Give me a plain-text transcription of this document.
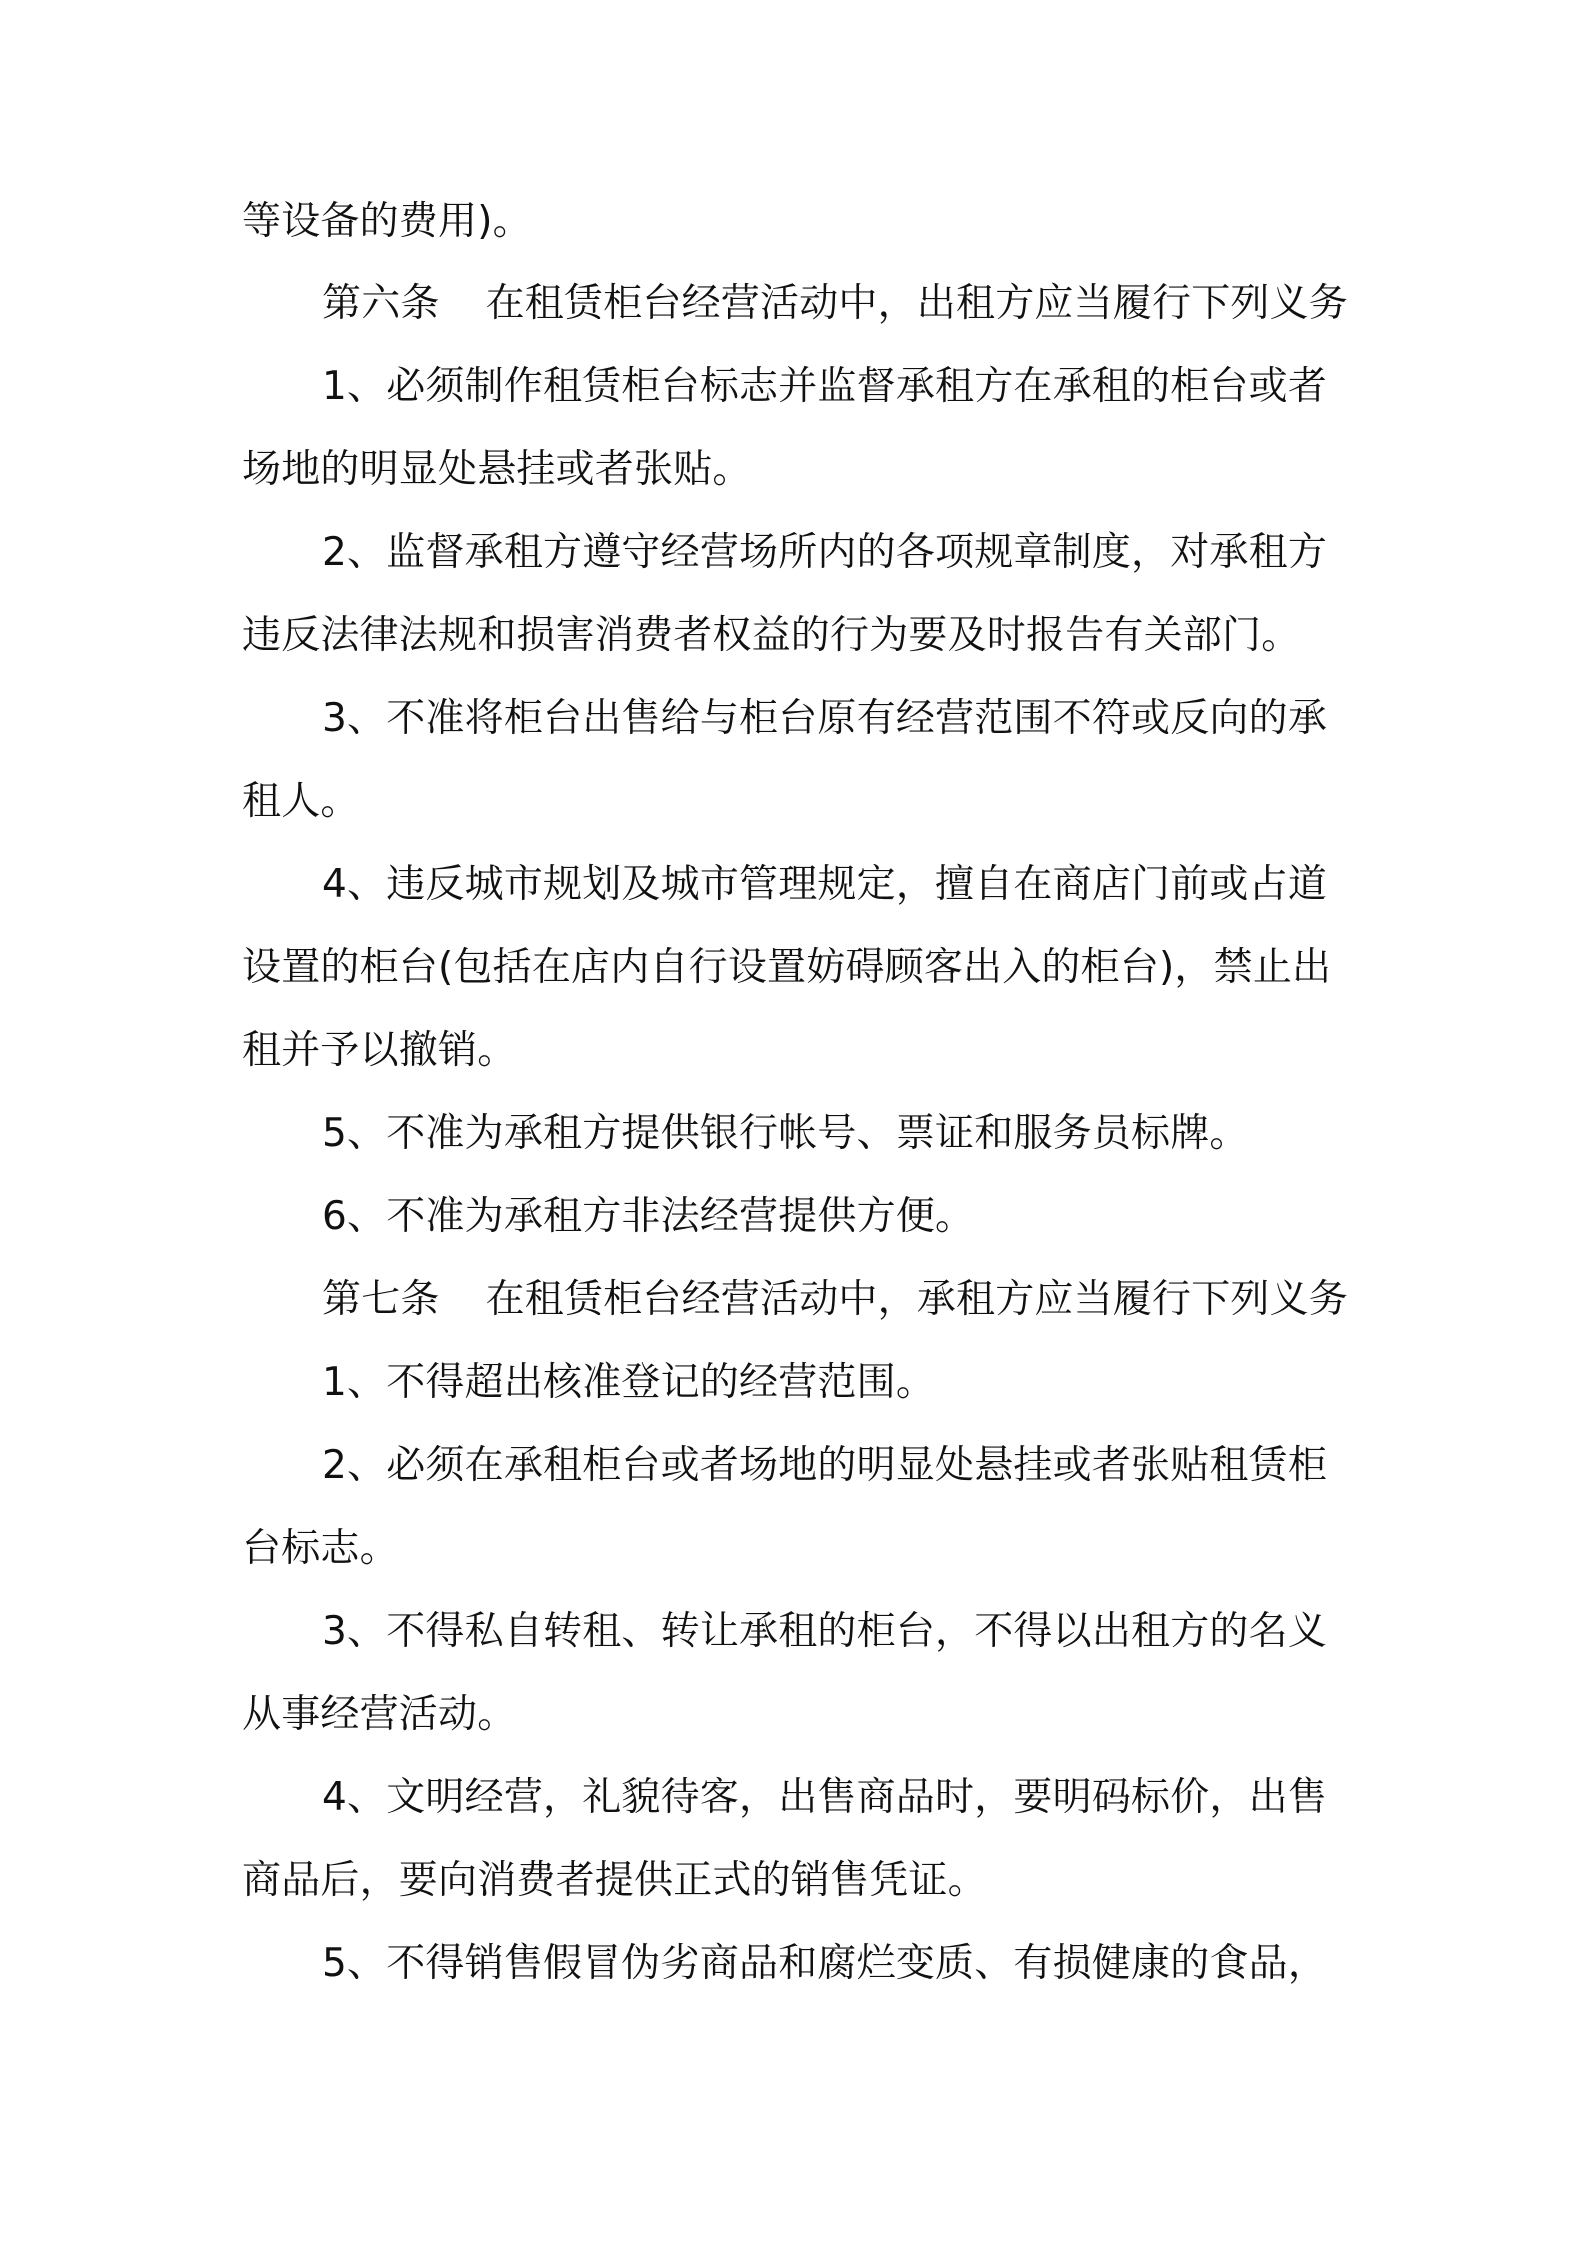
等设备的费用)。
第六条 在租赁柜台经营活动中，出租方应当履行下列义务
1、必须制作租赁柜台标志并监督承租方在承租的柜台或者
场地的明显处悬挂或者张贴。
2、监督承租方遵守经营场所内的各项规章制度，对承租方
违反法律法规和损害消费者权益的行为要及时报告有关部门。
3、不准将柜台出售给与柜台原有经营范围不符或反向的承
租人。
4、违反城市规划及城市管理规定，擅自在商店门前或占道
设置的柜台(包括在店内自行设置妨碍顾客出入的柜台)，禁止出
租并予以撤销。
5、不准为承租方提供银行帐号、票证和服务员标牌。
6、不准为承租方非法经营提供方便。
第七条 在租赁柜台经营活动中，承租方应当履行下列义务
1、不得超出核准登记的经营范围。
2、必须在承租柜台或者场地的明显处悬挂或者张贴租赁柜
台标志。
3、不得私自转租、转让承租的柜台，不得以出租方的名义
从事经营活动。
4、文明经营，礼貌待客，出售商品时，要明码标价，出售
商品后，要向消费者提供正式的销售凭证。
5、不得销售假冒伪劣商品和腐烂变质、有损健康的食品，
